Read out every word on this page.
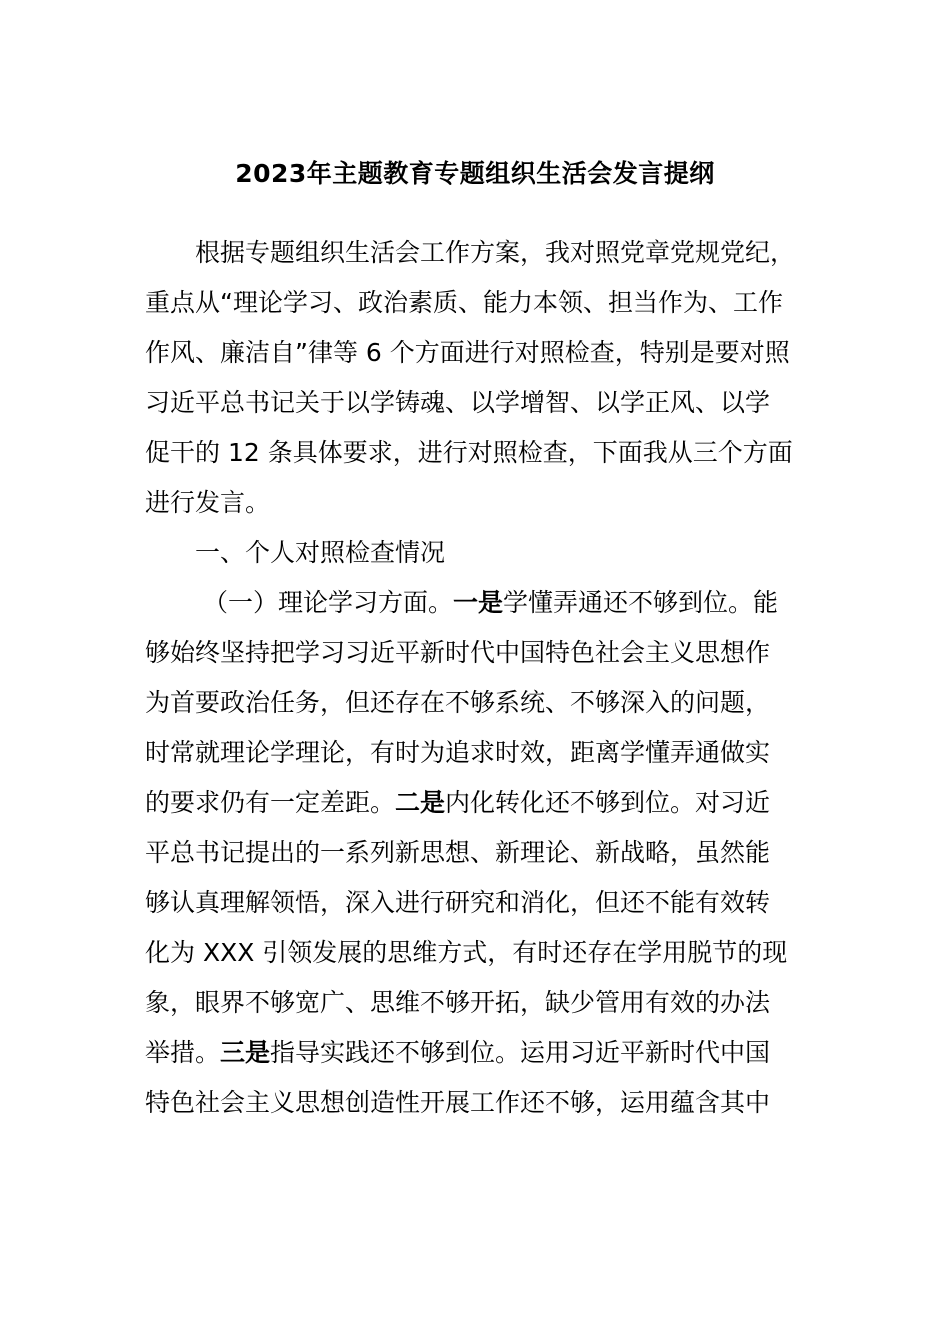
2023年主题教育专题组织生活会发言提纲
根据专题组织生活会工作方案，我对照党章党规党纪，
重点从“理论学习、政治素质、能力本领、担当作为、工作
作风、廉洁自”律等 6 个方面进行对照检查，特别是要对照
习近平总书记关于以学铸魂、以学增智、以学正风、以学
促干的 12 条具体要求，进行对照检查，下面我从三个方面
进行发言。
一、个人对照检查情况
（一）理论学习方面。一是学懂弄通还不够到位。能
够始终坚持把学习习近平新时代中国特色社会主义思想作
为首要政治任务，但还存在不够系统、不够深入的问题，
时常就理论学理论，有时为追求时效，距离学懂弄通做实
的要求仍有一定差距。二是内化转化还不够到位。对习近
平总书记提出的一系列新思想、新理论、新战略，虽然能
够认真理解领悟，深入进行研究和消化，但还不能有效转
化为 XXX 引领发展的思维方式，有时还存在学用脱节的现
象，眼界不够宽广、思维不够开拓，缺少管用有效的办法
举措。三是指导实践还不够到位。运用习近平新时代中国
特色社会主义思想创造性开展工作还不够，运用蕴含其中
